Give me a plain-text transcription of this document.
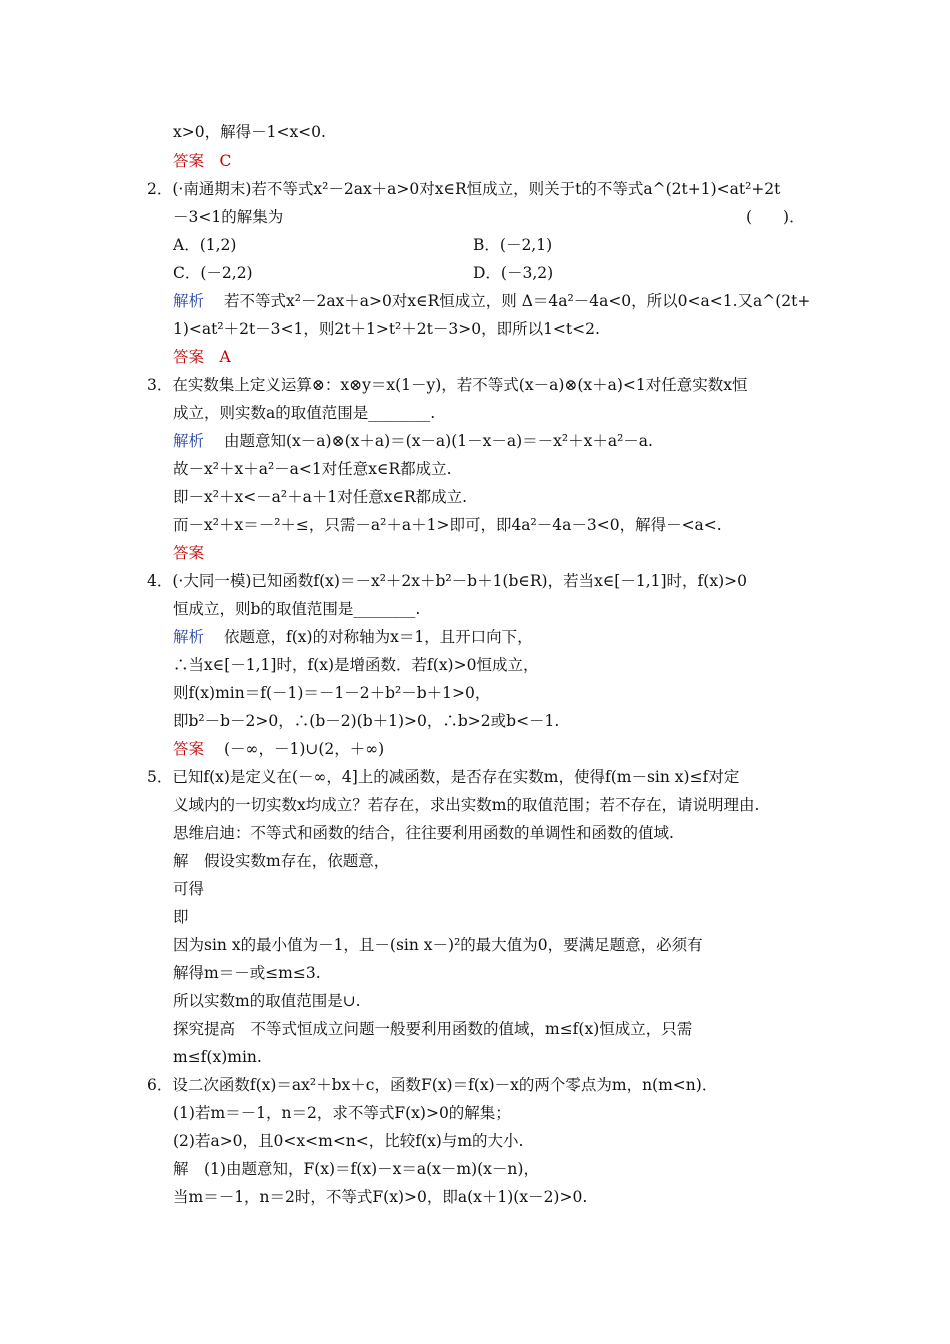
x>0，解得－1<x<0.
答案　C
2．(·南通期末)若不等式x²－2ax＋a>0对x∈R恒成立，则关于t的不等式a^(2t+1)<at²+2t
－3<1的解集为	(　　)．
A．(1,2)	B．(－2,1)
C．(－2,2)	D．(－3,2)
解析 若不等式x²－2ax＋a>0对x∈R恒成立，则 Δ＝4a²－4a<0，所以0<a<1.又a^(2t+
1)<at²＋2t－3<1，则2t＋1>t²＋2t－3>0，即所以1<t<2.
答案　A
3．在实数集上定义运算⊗：x⊗y＝x(1－y)，若不等式(x－a)⊗(x＋a)<1对任意实数x恒
成立，则实数a的取值范围是________.
解析 由题意知(x－a)⊗(x＋a)＝(x－a)(1－x－a)＝－x²＋x＋a²－a.
故－x²＋x＋a²－a<1对任意x∈R都成立.
即－x²＋x<－a²＋a＋1对任意x∈R都成立.
而－x²＋x＝－²＋≤，只需－a²＋a＋1>即可，即4a²－4a－3<0，解得－<a<.
答案
4．(·大同一模)已知函数f(x)＝－x²＋2x＋b²－b＋1(b∈R)，若当x∈[－1,1]时，f(x)>0
恒成立，则b的取值范围是________.
解析 依题意，f(x)的对称轴为x＝1，且开口向下，
∴当x∈[－1,1]时，f(x)是增函数．若f(x)>0恒成立，
则f(x)min＝f(－1)＝－1－2＋b²－b＋1>0，
即b²－b－2>0，∴(b－2)(b＋1)>0，∴b>2或b<－1.
答案 (－∞，－1)∪(2，＋∞)
5．已知f(x)是定义在(－∞，4]上的减函数，是否存在实数m，使得f(m－sin x)≤f对定
义域内的一切实数x均成立？若存在，求出实数m的取值范围；若不存在，请说明理由.
思维启迪：不等式和函数的结合，往往要利用函数的单调性和函数的值域.
解　假设实数m存在，依题意，
可得
即
因为sin x的最小值为－1，且－(sin x－)²的最大值为0，要满足题意，必须有
解得m＝－或≤m≤3.
所以实数m的取值范围是∪.
探究提高　不等式恒成立问题一般要利用函数的值域，m≤f(x)恒成立，只需
m≤f(x)min.
6．设二次函数f(x)＝ax²＋bx＋c，函数F(x)＝f(x)－x的两个零点为m，n(m<n)．
(1)若m＝－1，n＝2，求不等式F(x)>0的解集；
(2)若a>0，且0<x<m<n<，比较f(x)与m的大小.
解　(1)由题意知，F(x)＝f(x)－x＝a(x－m)(x－n)，
当m＝－1，n＝2时，不等式F(x)>0，即a(x＋1)(x－2)>0.
